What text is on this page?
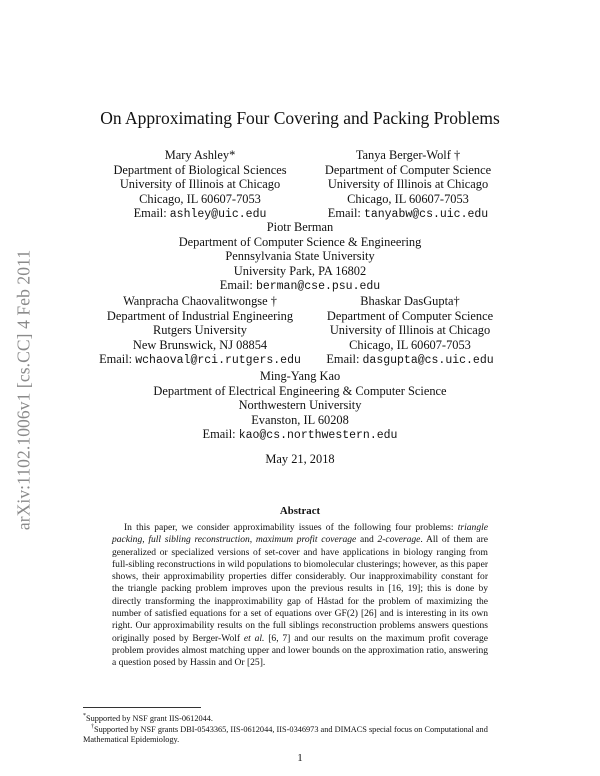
arXiv:1102.1006v1 [cs.CC] 4 Feb 2011
On Approximating Four Covering and Packing Problems
Mary Ashley*
Department of Biological Sciences
University of Illinois at Chicago
Chicago, IL 60607-7053
Email: ashley@uic.edu
Tanya Berger-Wolf †
Department of Computer Science
University of Illinois at Chicago
Chicago, IL 60607-7053
Email: tanyabw@cs.uic.edu
Piotr Berman
Department of Computer Science & Engineering
Pennsylvania State University
University Park, PA 16802
Email: berman@cse.psu.edu
Wanpracha Chaovalitwongse †
Department of Industrial Engineering
Rutgers University
New Brunswick, NJ 08854
Email: wchaoval@rci.rutgers.edu
Bhaskar DasGupta†
Department of Computer Science
University of Illinois at Chicago
Chicago, IL 60607-7053
Email: dasgupta@cs.uic.edu
Ming-Yang Kao
Department of Electrical Engineering & Computer Science
Northwestern University
Evanston, IL 60208
Email: kao@cs.northwestern.edu
May 21, 2018
Abstract
In this paper, we consider approximability issues of the following four problems: triangle packing, full sibling reconstruction, maximum profit coverage and 2-coverage. All of them are generalized or specialized versions of set-cover and have applications in biology ranging from full-sibling reconstructions in wild populations to biomolecular clusterings; however, as this paper shows, their approximability properties differ considerably. Our inapproximability constant for the triangle packing problem improves upon the previous results in [16, 19]; this is done by directly transforming the inapproximability gap of Håstad for the problem of maximizing the number of satisfied equations for a set of equations over GF(2) [26] and is interesting in its own right. Our approximability results on the full siblings reconstruction problems answers questions originally posed by Berger-Wolf et al. [6, 7] and our results on the maximum profit coverage problem provides almost matching upper and lower bounds on the approximation ratio, answering a question posed by Hassin and Or [25].
*Supported by NSF grant IIS-0612044.
†Supported by NSF grants DBI-0543365, IIS-0612044, IIS-0346973 and DIMACS special focus on Computational and Mathematical Epidemiology.
1
